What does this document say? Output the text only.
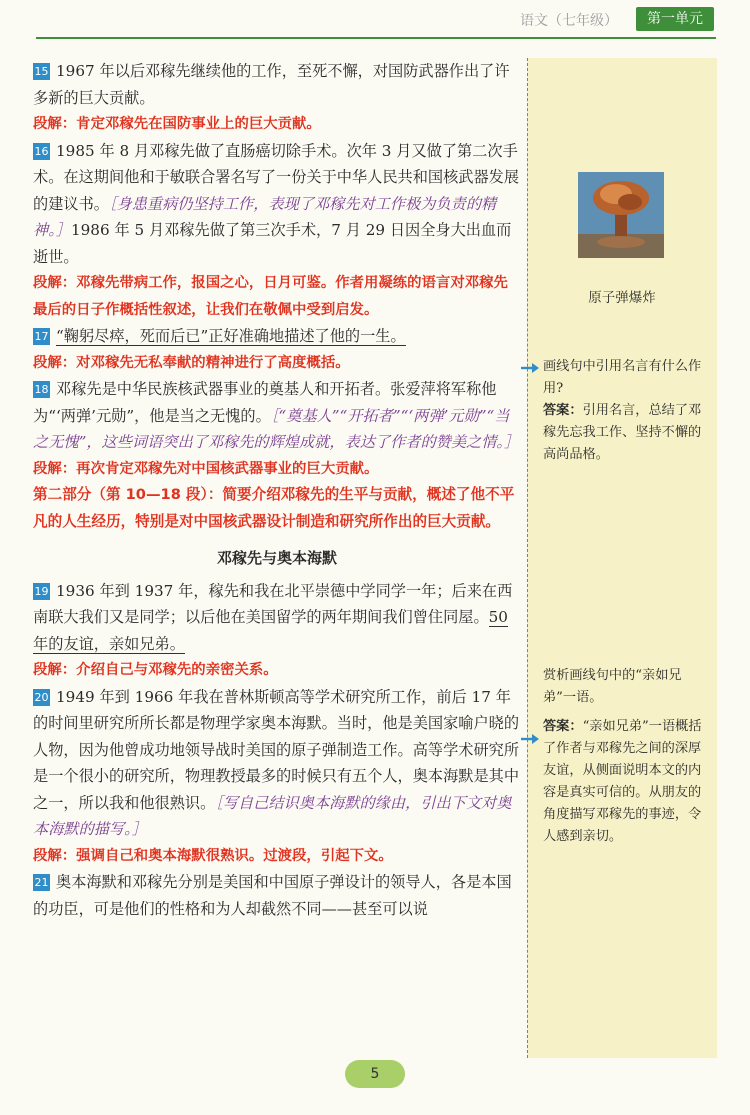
语文（七年级）	第一单元
原子弹爆炸
画线句中引用名言有什么作用?
答案：引用名言，总结了邓稼先忘我工作、坚持不懈的高尚品格。
赏析画线句中的“亲如兄弟”一语。
答案：“亲如兄弟”一语概括了作者与邓稼先之间的深厚友谊，从侧面说明本文的内容是真实可信的。从朋友的角度描写邓稼先的事迹，令人感到亲切。

15 1967 年以后邓稼先继续他的工作，至死不懈，对国防武器作出了许多新的巨大贡献。

段解：肯定邓稼先在国防事业上的巨大贡献。

16 1985 年 8 月邓稼先做了直肠癌切除手术。次年 3 月又做了第二次手术。在这期间他和于敏联合署名写了一份关于中华人民共和国核武器发展的建议书。［身患重病仍坚持工作，表现了邓稼先对工作极为负责的精神。］1986 年 5 月邓稼先做了第三次手术，7 月 29 日因全身大出血而逝世。

段解：邓稼先带病工作，报国之心，日月可鉴。作者用凝练的语言对邓稼先最后的日子作概括性叙述，让我们在敬佩中受到启发。

17 “鞠躬尽瘁，死而后已”正好准确地描述了他的一生。

段解：对邓稼先无私奉献的精神进行了高度概括。

18 邓稼先是中华民族核武器事业的奠基人和开拓者。张爱萍将军称他为“‘两弹’元勋”，他是当之无愧的。［“奠基人”“开拓者”“‘两弹’元勋”“当之无愧”，这些词语突出了邓稼先的辉煌成就，表达了作者的赞美之情。］

段解：再次肯定邓稼先对中国核武器事业的巨大贡献。

第二部分（第 10—18 段）：简要介绍邓稼先的生平与贡献，概述了他不平凡的人生经历，特别是对中国核武器设计制造和研究所作出的巨大贡献。

邓稼先与奥本海默

19 1936 年到 1937 年，稼先和我在北平崇德中学同学一年；后来在西南联大我们又是同学；以后他在美国留学的两年期间我们曾住同屋。50 年的友谊，亲如兄弟。

段解：介绍自己与邓稼先的亲密关系。

20 1949 年到 1966 年我在普林斯顿高等学术研究所工作，前后 17 年的时间里研究所所长都是物理学家奥本海默。当时，他是美国家喻户晓的人物，因为他曾成功地领导战时美国的原子弹制造工作。高等学术研究所是一个很小的研究所，物理教授最多的时候只有五个人，奥本海默是其中之一，所以我和他很熟识。［写自己结识奥本海默的缘由，引出下文对奥本海默的描写。］

段解：强调自己和奥本海默很熟识。过渡段，引起下文。

21 奥本海默和邓稼先分别是美国和中国原子弹设计的领导人，各是本国的功臣，可是他们的性格和为人却截然不同——甚至可以说

5
